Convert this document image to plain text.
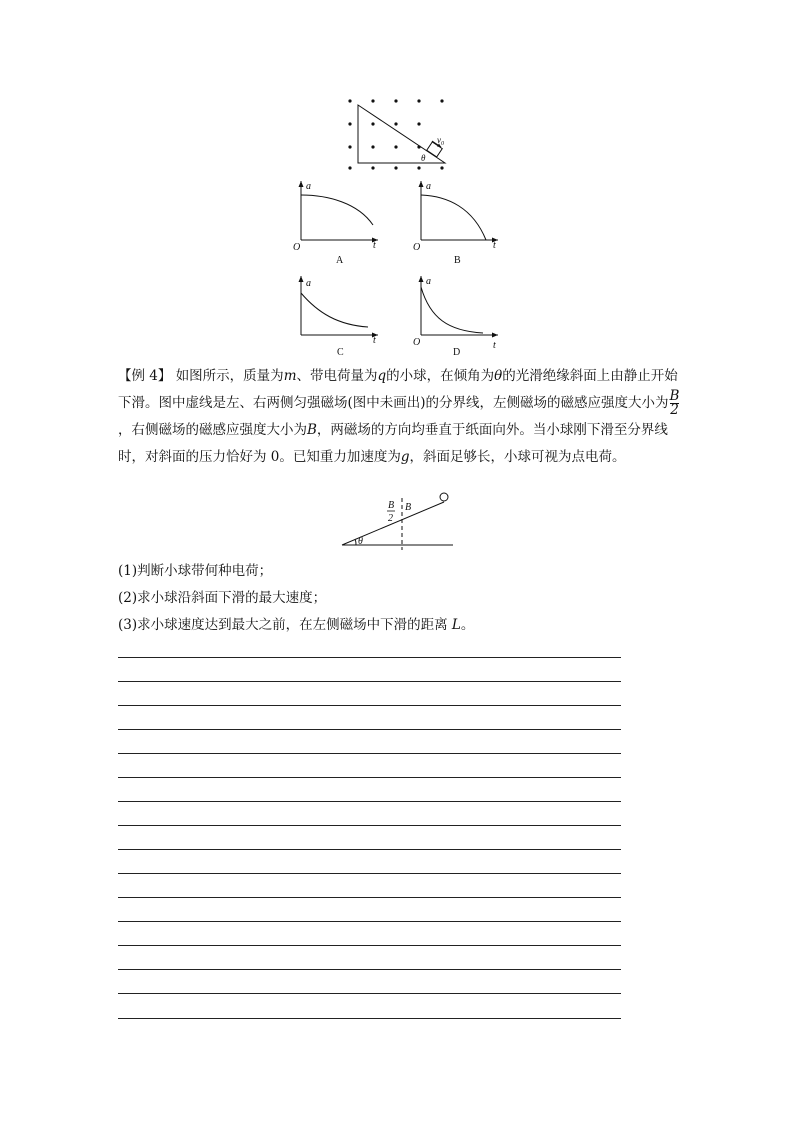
$v_0$
θ
a
t
O
A
a
t
O
B
a
t
C
a
t
O
D
【例 4】 如图所示，质量为m、带电荷量为q的小球，在倾角为θ的光滑绝缘斜面上由静止开始下滑。图中虚线是左、右两侧匀强磁场(图中未画出)的分界线，左侧磁场的磁感应强度大小为 $\frac{B}{2}$
，右侧磁场的磁感应强度大小为B，两磁场的方向均垂直于纸面向外。当小球刚下滑至分界线时，对斜面的压力恰好为 0。已知重力加速度为g，斜面足够长，小球可视为点电荷。
θ
B
2
B
(1)判断小球带何种电荷；
(2)求小球沿斜面下滑的最大速度；
(3)求小球速度达到最大之前，在左侧磁场中下滑的距离 L。
